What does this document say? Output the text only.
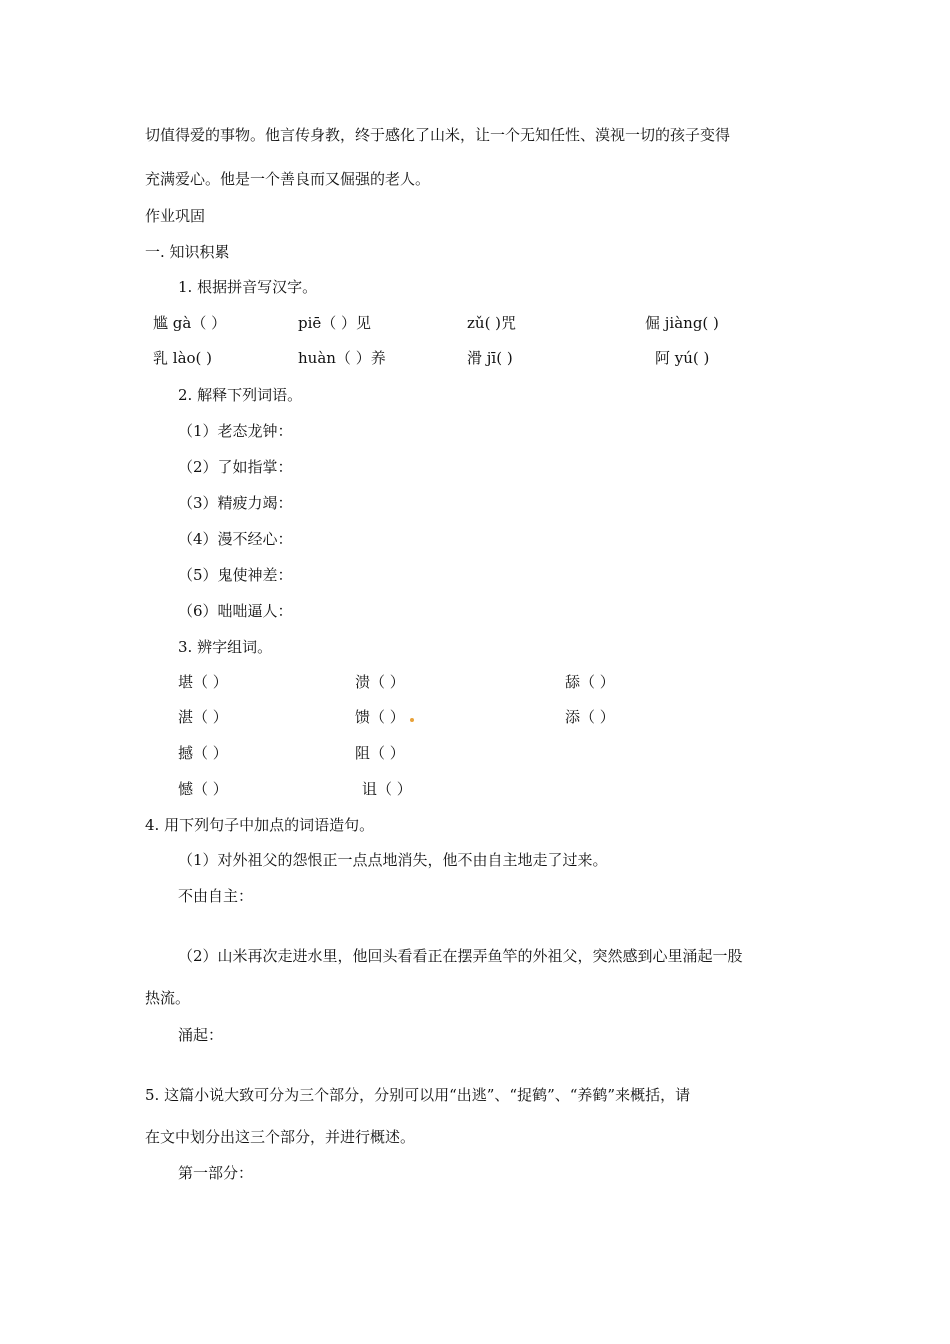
切值得爱的事物。他言传身教，终于感化了山米，让一个无知任性、漠视一切的孩子变得
充满爱心。他是一个善良而又倔强的老人。
作业巩固
一. 知识积累
1. 根据拼音写汉字。
尴 gà（ ）	piē（ ）见	zǔ( )咒	倔 jiàng( )
乳 lào( )	huàn（ ）养	滑 jī( )	阿 yú( )
2. 解释下列词语。
（1）老态龙钟：
（2）了如指掌：
（3）精疲力竭：
（4）漫不经心：
（5）鬼使神差：
（6）咄咄逼人：
3. 辨字组词。
堪（ ）	溃（ ）	舔（ ）
湛（ ）	馈（ ）	添（ ）
撼（ ）	阻（ ）
憾（ ）	诅（ ）
4. 用下列句子中加点的词语造句。
（1）对外祖父的怨恨正一点点地消失，他不由自主地走了过来。
不由自主：
（2）山米再次走进水里，他回头看看正在摆弄鱼竿的外祖父，突然感到心里涌起一股
热流。
涌起：
5. 这篇小说大致可分为三个部分，分别可以用“出逃”、“捉鹤”、“养鹤”来概括，请
在文中划分出这三个部分，并进行概述。
第一部分：
